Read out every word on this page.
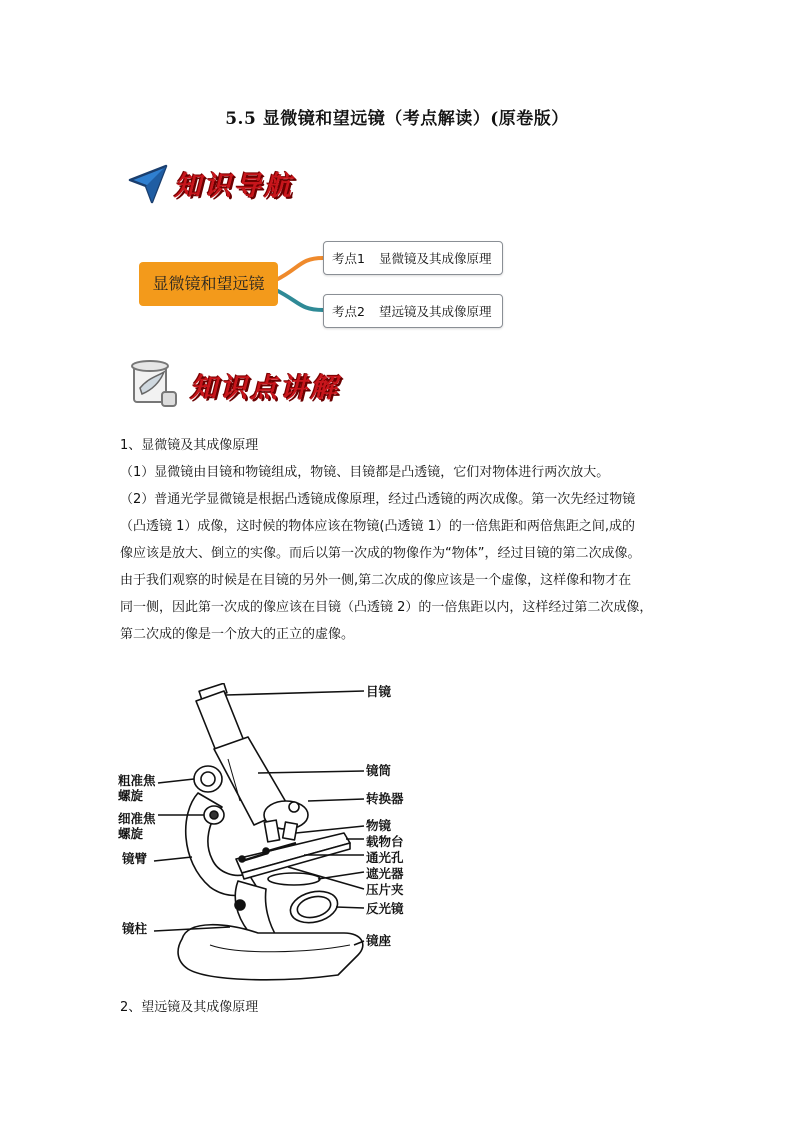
5.5 显微镜和望远镜（考点解读）(原卷版）
知识导航
显微镜和望远镜
考点1 显微镜及其成像原理
考点2 望远镜及其成像原理
知识点讲解

1、显微镜及其成像原理

（1）显微镜由目镜和物镜组成，物镜、目镜都是凸透镜，它们对物体进行两次放大。

（2）普通光学显微镜是根据凸透镜成像原理，经过凸透镜的两次成像。第一次先经过物镜

（凸透镜 1）成像，这时候的物体应该在物镜(凸透镜 1）的一倍焦距和两倍焦距之间,成的

像应该是放大、倒立的实像。而后以第一次成的物像作为“物体”，经过目镜的第二次成像。

由于我们观察的时候是在目镜的另外一侧,第二次成的像应该是一个虚像，这样像和物才在

同一侧，因此第一次成的像应该在目镜（凸透镜 2）的一倍焦距以内，这样经过第二次成像，

第二次成的像是一个放大的正立的虚像。

目镜
镜筒
转换器
物镜
载物台
通光孔
遮光器
压片夹
反光镜
镜座
粗准焦
螺旋
细准焦
螺旋
镜臂
镜柱

2、望远镜及其成像原理
